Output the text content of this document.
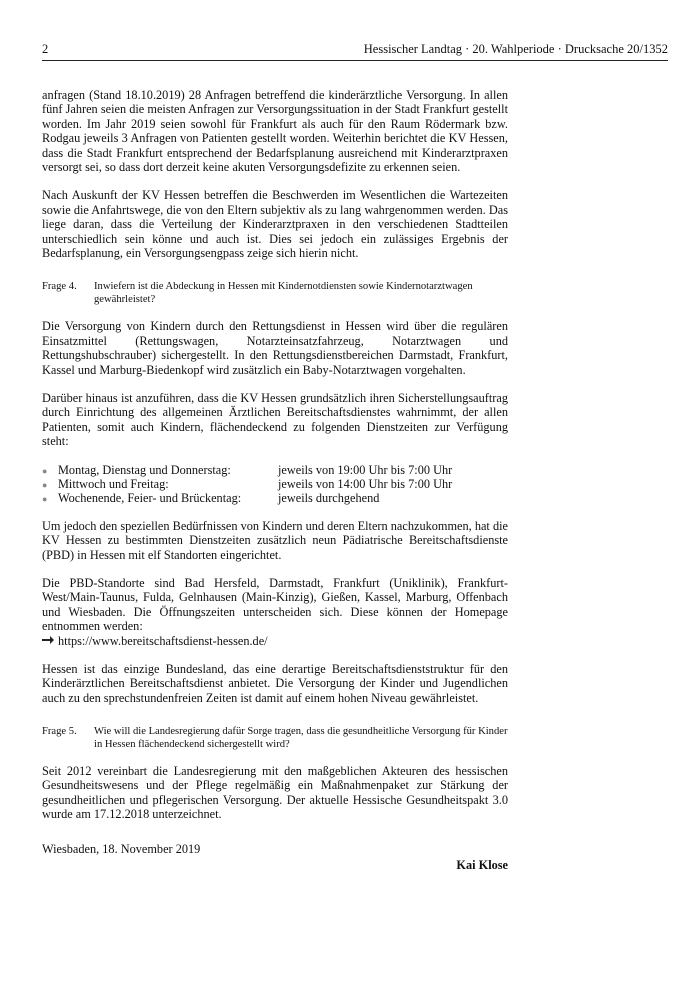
2	Hessischer Landtag · 20. Wahlperiode · Drucksache 20/1352

anfragen (Stand 18.10.2019) 28 Anfragen betreffend die kinderärztliche Versorgung. In allen fünf Jahren seien die meisten Anfragen zur Versorgungssituation in der Stadt Frankfurt gestellt worden. Im Jahr 2019 seien sowohl für Frankfurt als auch für den Raum Rödermark bzw. Rodgau jeweils 3 Anfragen von Patienten gestellt worden. Weiterhin berichtet die KV Hessen, dass die Stadt Frankfurt entsprechend der Bedarfsplanung ausreichend mit Kinderarztpraxen versorgt sei, so dass dort derzeit keine akuten Versorgungsdefizite zu erkennen seien.

Nach Auskunft der KV Hessen betreffen die Beschwerden im Wesentlichen die Wartezeiten sowie die Anfahrtswege, die von den Eltern subjektiv als zu lang wahrgenommen werden. Das liege daran, dass die Verteilung der Kinderarztpraxen in den verschiedenen Stadtteilen unterschiedlich sein könne und auch ist. Dies sei jedoch ein zulässiges Ergebnis der Bedarfsplanung, ein Versorgungsengpass zeige sich hierin nicht.

Frage 4.	Inwiefern ist die Abdeckung in Hessen mit Kindernotdiensten sowie Kindernotarztwagen gewährleistet?

Die Versorgung von Kindern durch den Rettungsdienst in Hessen wird über die regulären Einsatzmittel (Rettungswagen, Notarzteinsatzfahrzeug, Notarztwagen und Rettungshubschrauber) sichergestellt. In den Rettungsdienstbereichen Darmstadt, Frankfurt, Kassel und Marburg-Biedenkopf wird zusätzlich ein Baby-Notarztwagen vorgehalten.

Darüber hinaus ist anzuführen, dass die KV Hessen grundsätzlich ihren Sicherstellungsauftrag durch Einrichtung des allgemeinen Ärztlichen Bereitschaftsdienstes wahrnimmt, der allen Patienten, somit auch Kindern, flächendeckend zu folgenden Dienstzeiten zur Verfügung steht:

● Montag, Dienstag und Donnerstag:	jeweils von 19:00 Uhr bis 7:00 Uhr
● Mittwoch und Freitag:	jeweils von 14:00 Uhr bis 7:00 Uhr
● Wochenende, Feier- und Brückentag:	jeweils durchgehend

Um jedoch den speziellen Bedürfnissen von Kindern und deren Eltern nachzukommen, hat die KV Hessen zu bestimmten Dienstzeiten zusätzlich neun Pädiatrische Bereitschaftsdienste (PBD) in Hessen mit elf Standorten eingerichtet.

Die PBD-Standorte sind Bad Hersfeld, Darmstadt, Frankfurt (Uniklinik), Frankfurt-West/Main-Taunus, Fulda, Gelnhausen (Main-Kinzig), Gießen, Kassel, Marburg, Offenbach und Wiesbaden. Die Öffnungszeiten unterscheiden sich. Diese können der Homepage entnommen werden:

https://www.bereitschaftsdienst-hessen.de/

Hessen ist das einzige Bundesland, das eine derartige Bereitschaftsdienststruktur für den Kinderärztlichen Bereitschaftsdienst anbietet. Die Versorgung der Kinder und Jugendlichen auch zu den sprechstundenfreien Zeiten ist damit auf einem hohen Niveau gewährleistet.

Frage 5.	Wie will die Landesregierung dafür Sorge tragen, dass die gesundheitliche Versorgung für Kinder in Hessen flächendeckend sichergestellt wird?

Seit 2012 vereinbart die Landesregierung mit den maßgeblichen Akteuren des hessischen Gesundheitswesens und der Pflege regelmäßig ein Maßnahmenpaket zur Stärkung der gesundheitlichen und pflegerischen Versorgung. Der aktuelle Hessische Gesundheitspakt 3.0 wurde am 17.12.2018 unterzeichnet.

Wiesbaden, 18. November 2019
Kai Klose
